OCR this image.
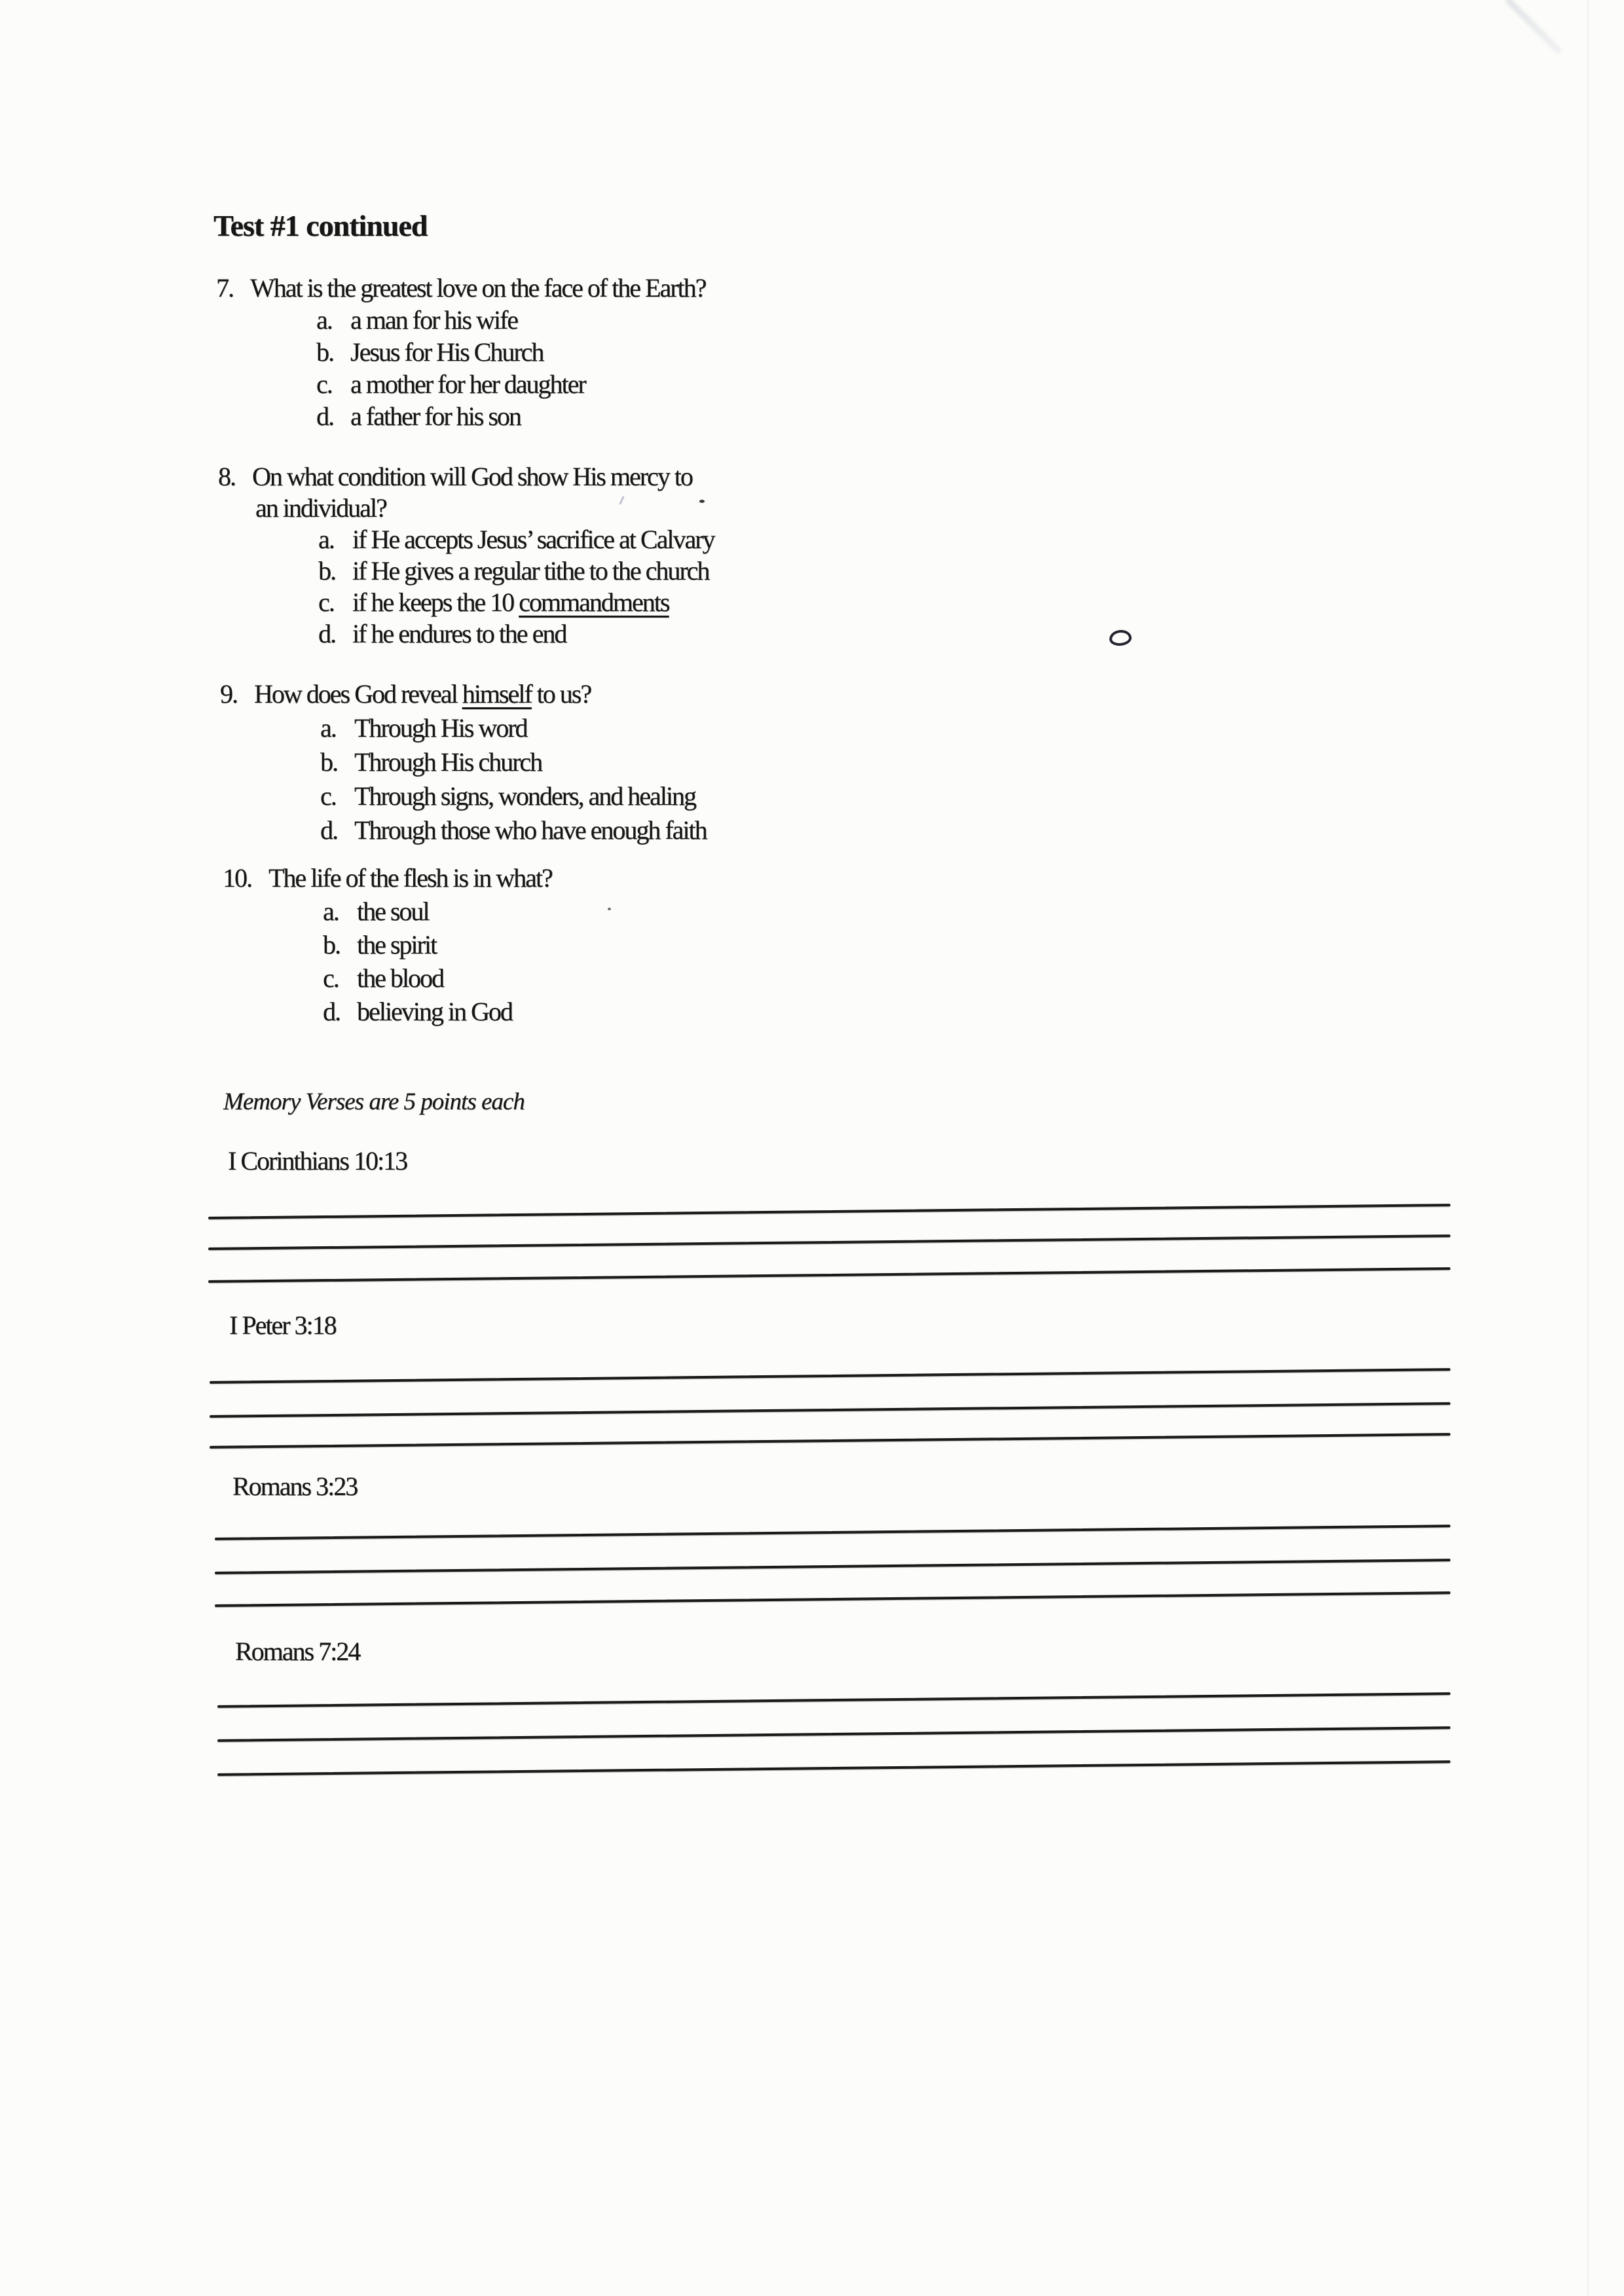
Test #1 continued
7. What is the greatest love on the face of the Earth?
a. a man for his wife
b. Jesus for His Church
c. a mother for her daughter
d. a father for his son
8. On what condition will God show His mercy to
an individual?
a. if He accepts Jesus’ sacrifice at Calvary
b. if He gives a regular tithe to the church
c. if he keeps the 10 commandments
d. if he endures to the end
9. How does God reveal himself to us?
a. Through His word
b. Through His church
c. Through signs, wonders, and healing
d. Through those who have enough faith
10. The life of the flesh is in what?
a. the soul
b. the spirit
c. the blood
d. believing in God
Memory Verses are 5 points each
I Corinthians 10:13
I Peter 3:18
Romans 3:23
Romans 7:24
